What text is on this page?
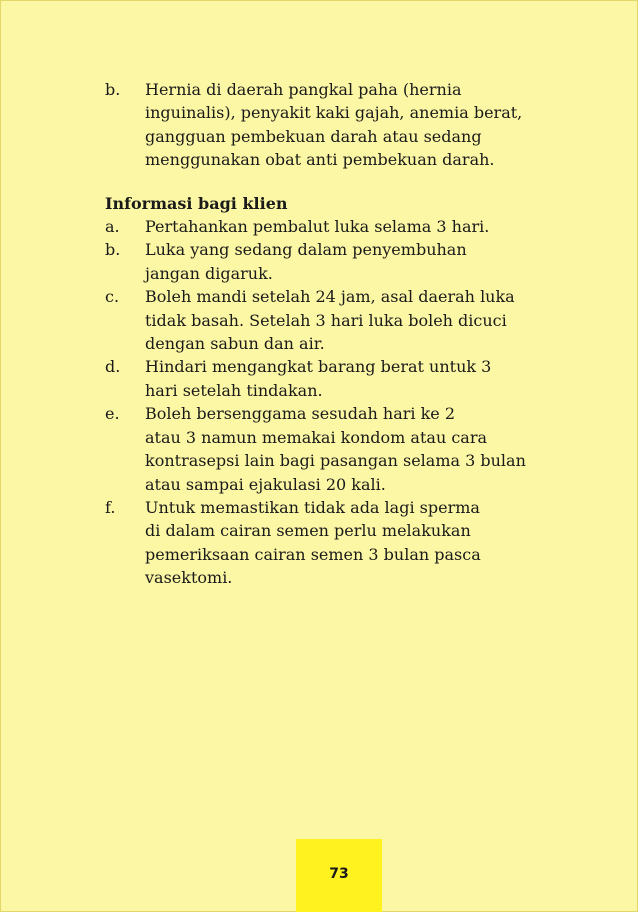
b.	Hernia di daerah pangkal paha (hernia
inguinalis), penyakit kaki gajah, anemia berat,
gangguan pembekuan darah atau sedang
menggunakan obat anti pembekuan darah.
Informasi bagi klien
a.	Pertahankan pembalut luka selama 3 hari.
b.	Luka yang sedang dalam penyembuhan
jangan digaruk.
c.	Boleh mandi setelah 24 jam, asal daerah luka
tidak basah. Setelah 3 hari luka boleh dicuci
dengan sabun dan air.
d.	Hindari mengangkat barang berat untuk 3
hari setelah tindakan.
e.	Boleh bersenggama sesudah hari ke 2
atau 3 namun memakai kondom atau cara
kontrasepsi lain bagi pasangan selama 3 bulan
atau sampai ejakulasi 20 kali.
f.	Untuk memastikan tidak ada lagi sperma
di dalam cairan semen perlu melakukan
pemeriksaan cairan semen 3 bulan pasca
vasektomi.
73
